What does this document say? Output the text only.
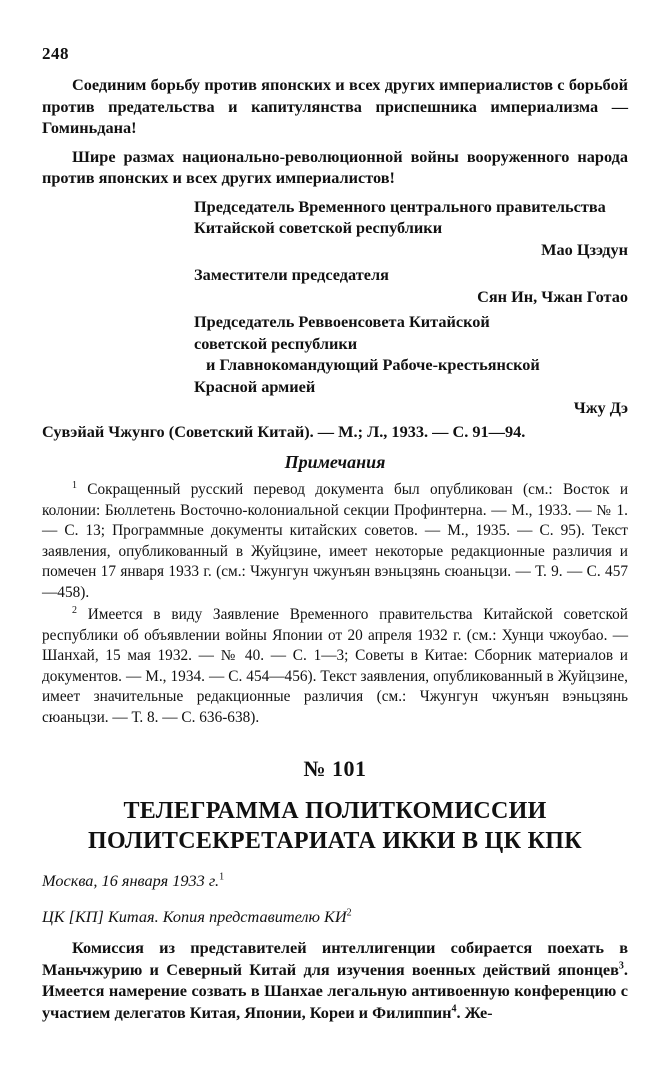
248

Соединим борьбу против японских и всех других империалистов с борьбой против предательства и капитулянства приспешника империализма — Гоминьдана!

Шире размах национально-революционной войны вооруженного народа против японских и всех других империалистов!

Председатель Временного центрального правительства
Китайской советской республики
Мао Цзэдун
Заместители председателя
Сян Ин, Чжан Готао
Председатель Реввоенсовета Китайской
советской республики
и Главнокомандующий Рабоче-крестьянской
Красной армией
Чжу Дэ
Сувэйай Чжунго (Советский Китай). — М.; Л., 1933. — С. 91—94.
Примечания

$^1$ Сокращенный русский перевод документа был опубликован (см.: Восток и колонии: Бюллетень Восточно-колониальной секции Профинтерна. — М., 1933. — № 1. — С. 13; Программные документы китайских советов. — М., 1935. — С. 95). Текст заявления, опубликованный в Жуйцзине, имеет некоторые редакционные различия и помечен 17 января 1933 г. (см.: Чжунгун чжунъян вэньцзянь сюаньцзи. — Т. 9. — С. 457—458).

$^2$ Имеется в виду Заявление Временного правительства Китайской советской республики об объявлении войны Японии от 20 апреля 1932 г. (см.: Хунци чжоубао. — Шанхай, 15 мая 1932. — № 40. — С. 1—3; Советы в Китае: Сборник материалов и документов. — М., 1934. — С. 454—456). Текст заявления, опубликованный в Жуйцзине, имеет значительные редакционные различия (см.: Чжунгун чжунъян вэньцзянь сюаньцзи. — Т. 8. — С. 636-638).

№ 101
ТЕЛЕГРАММА ПОЛИТКОМИССИИ
ПОЛИТСЕКРЕТАРИАТА ИККИ В ЦК КПК

Москва, 16 января 1933 г.$^1$

ЦК [КП] Китая. Копия представителю $КИ^2$

Комиссия из представителей интеллигенции собирается поехать в Маньчжурию и Северный Китай для изучения военных действий японцев$^3$. Имеется намерение созвать в Шанхае легальную антивоенную конференцию с участием делегатов Китая, Японии, Кореи и Филиппин$^4$. Же-
